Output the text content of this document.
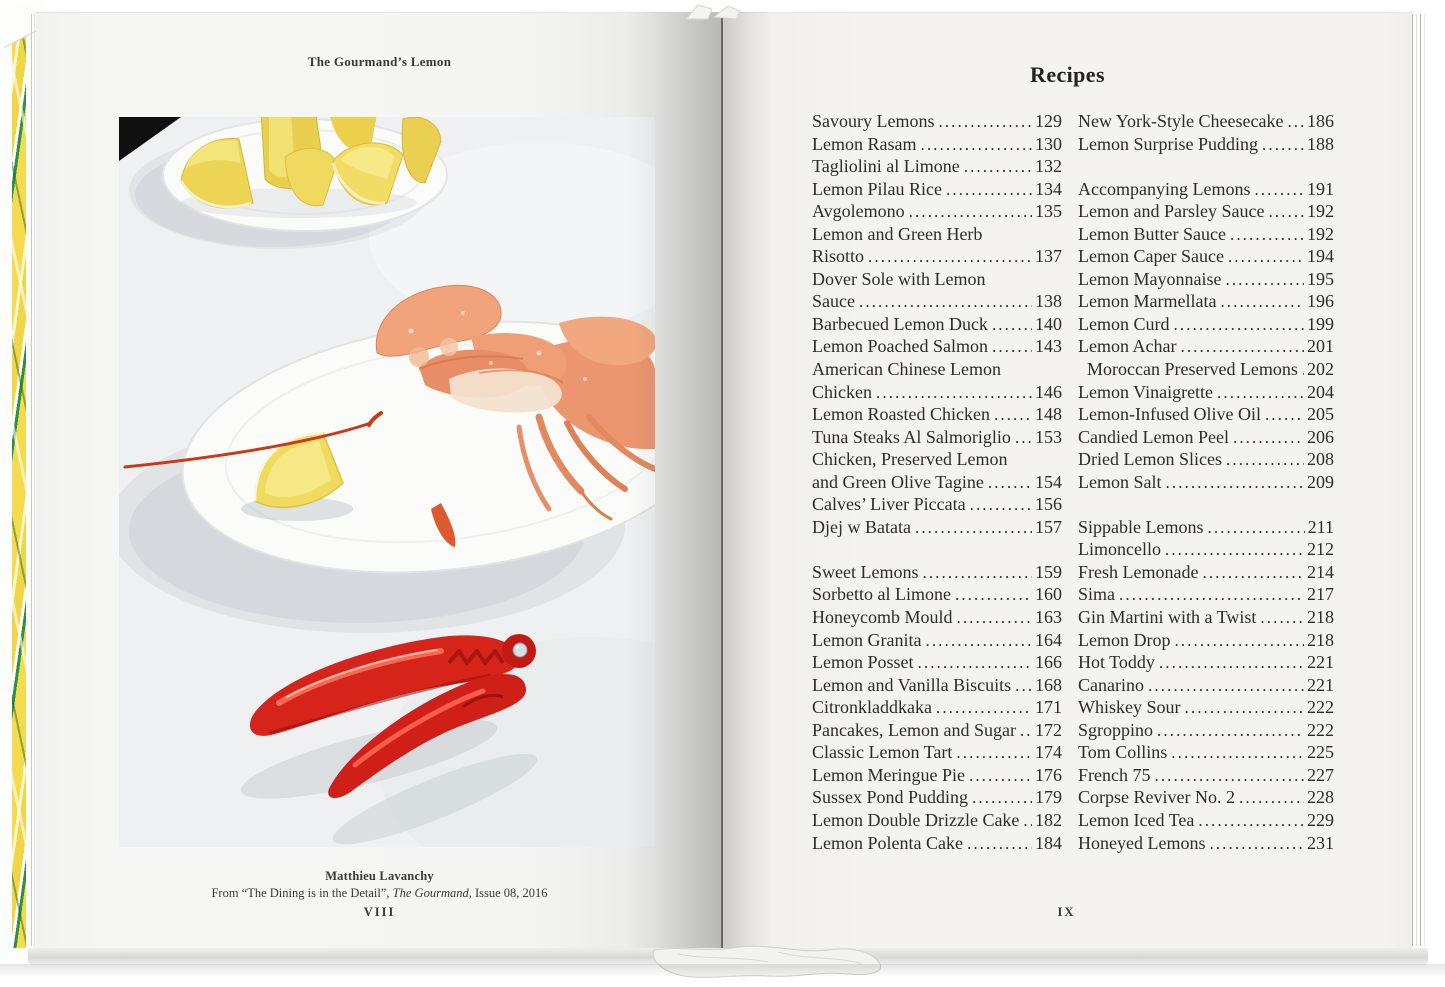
The Gourmand’s Lemon
Matthieu Lavanchy
From “The Dining is in the Detail”, The Gourmand, Issue 08, 2016
VIII
Recipes
Savoury Lemons .....	129
Lemon Rasam .....	130
Tagliolini al Limone .....	132
Lemon Pilau Rice .....	134
Avgolemono .....	135
Lemon and Green Herb
Risotto .....	137
Dover Sole with Lemon
Sauce .....	138
Barbecued Lemon Duck .....	140
Lemon Poached Salmon .....	143
American Chinese Lemon
Chicken .....	146
Lemon Roasted Chicken .....	148
Tuna Steaks Al Salmoriglio ..... 153
Chicken, Preserved Lemon
and Green Olive Tagine .....	154
Calves’ Liver Piccata .....	156
Djej w Batata .....	157
Sweet Lemons .....	159
Sorbetto al Limone .....	160
Honeycomb Mould .....	163
Lemon Granita .....	164
Lemon Posset .....	166
Lemon and Vanilla Biscuits ..... 168
Citronkladdkaka .....	171
Pancakes, Lemon and Sugar ..... 172
Classic Lemon Tart .....	174
Lemon Meringue Pie .....	176
Sussex Pond Pudding .....	179
Lemon Double Drizzle Cake ..... 182
Lemon Polenta Cake .....	184
New York-Style Cheesecake ..... 186
Lemon Surprise Pudding .....	188
Accompanying Lemons .....	191
Lemon and Parsley Sauce ..... 192
Lemon Butter Sauce .....	192
Lemon Caper Sauce .....	194
Lemon Mayonnaise .....	195
Lemon Marmellata .....	196
Lemon Curd .....	199
Lemon Achar .....	201
Moroccan Preserved Lemons ..... 202
Lemon Vinaigrette .....	204
Lemon-Infused Olive Oil .....	205
Candied Lemon Peel .....	206
Dried Lemon Slices .....	208
Lemon Salt .....	209
Sippable Lemons .....	211
Limoncello .....	212
Fresh Lemonade .....	214
Sima .....	217
Gin Martini with a Twist .....	218
Lemon Drop .....	218
Hot Toddy .....	221
Canarino .....	221
Whiskey Sour .....	222
Sgroppino .....	222
Tom Collins .....	225
French 75 .....	227
Corpse Reviver No. 2 .....	228
Lemon Iced Tea .....	229
Honeyed Lemons .....	231
IX
